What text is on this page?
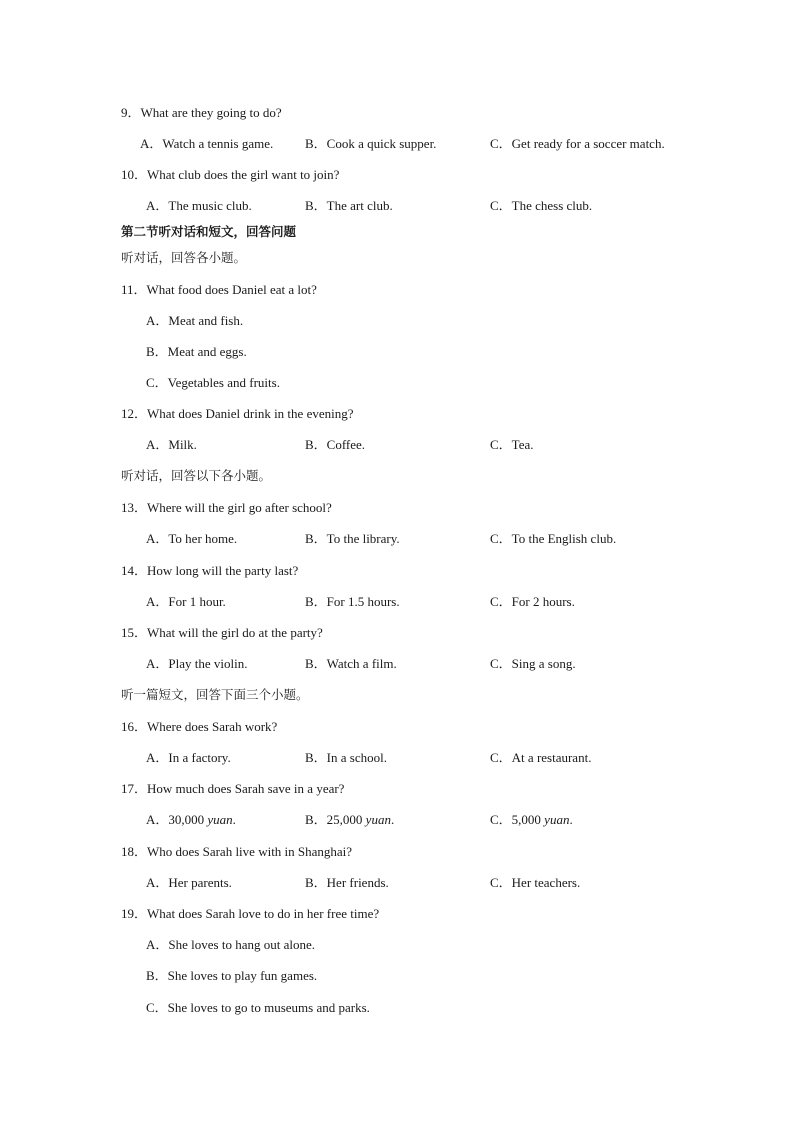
9．What are they going to do?
A．Watch a tennis game. B．Cook a quick supper.	C．Get ready for a soccer match.
10．What club does the girl want to join?
A．The music club.	B．The art club.	C．The chess club.
第二节听对话和短文，回答问题
听对话，回答各小题。
11．What food does Daniel eat a lot?
A．Meat and fish.
B．Meat and eggs.
C．Vegetables and fruits.
12．What does Daniel drink in the evening?
A．Milk.	B．Coffee.	C．Tea.
听对话，回答以下各小题。
13．Where will the girl go after school?
A．To her home.	B．To the library.	C．To the English club.
14．How long will the party last?
A．For 1 hour.	B．For 1.5 hours.	C．For 2 hours.
15．What will the girl do at the party?
A．Play the violin.	B．Watch a film.	C．Sing a song.
听一篇短文，回答下面三个小题。
16．Where does Sarah work?
A．In a factory.	B．In a school.	C．At a restaurant.
17．How much does Sarah save in a year?
A．30,000 yuan.	B．25,000 yuan.	C．5,000 yuan.
18．Who does Sarah live with in Shanghai?
A．Her parents.	B．Her friends.	C．Her teachers.
19．What does Sarah love to do in her free time?
A．She loves to hang out alone.
B．She loves to play fun games.
C．She loves to go to museums and parks.
